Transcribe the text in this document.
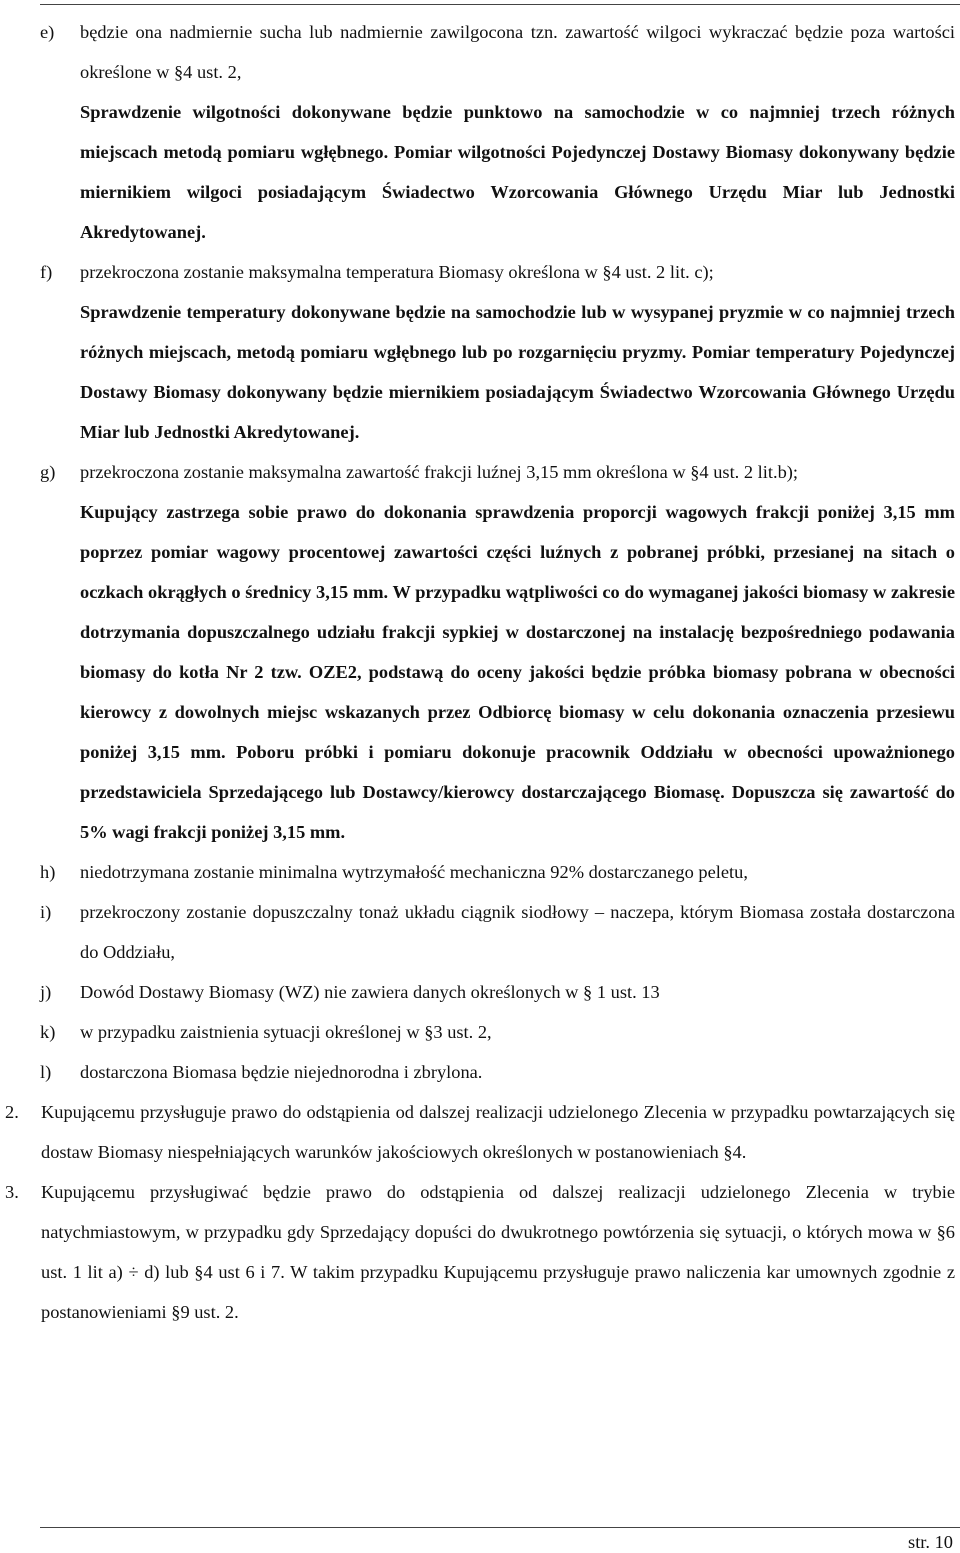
e)	będzie ona nadmiernie sucha lub nadmiernie zawilgocona tzn. zawartość wilgoci wykraczać będzie poza wartości określone w §4 ust. 2,
Sprawdzenie wilgotności dokonywane będzie punktowo na samochodzie w co najmniej trzech różnych miejscach metodą pomiaru wgłębnego. Pomiar wilgotności Pojedynczej Dostawy Biomasy dokonywany będzie miernikiem wilgoci posiadającym Świadectwo Wzorcowania Głównego Urzędu Miar lub Jednostki Akredytowanej.
f)	przekroczona zostanie maksymalna temperatura Biomasy określona w §4 ust. 2 lit. c);
Sprawdzenie temperatury dokonywane będzie na samochodzie lub w wysypanej pryzmie w co najmniej trzech różnych miejscach, metodą pomiaru wgłębnego lub po rozgarnięciu pryzmy. Pomiar temperatury Pojedynczej Dostawy Biomasy dokonywany będzie miernikiem posiadającym Świadectwo Wzorcowania Głównego Urzędu Miar lub Jednostki Akredytowanej.
g)	przekroczona zostanie maksymalna zawartość frakcji luźnej 3,15 mm określona w §4 ust. 2 lit.b);
Kupujący zastrzega sobie prawo do dokonania sprawdzenia proporcji wagowych frakcji poniżej 3,15 mm poprzez pomiar wagowy procentowej zawartości części luźnych z pobranej próbki, przesianej na sitach o oczkach okrągłych o średnicy 3,15 mm. W przypadku wątpliwości co do wymaganej jakości biomasy w zakresie dotrzymania dopuszczalnego udziału frakcji sypkiej w dostarczonej na instalację bezpośredniego podawania biomasy do kotła Nr 2 tzw. OZE2, podstawą do oceny jakości będzie próbka biomasy pobrana w obecności kierowcy z dowolnych miejsc wskazanych przez Odbiorcę biomasy w celu dokonania oznaczenia przesiewu poniżej 3,15 mm. Poboru próbki i pomiaru dokonuje pracownik Oddziału w obecności upoważnionego przedstawiciela Sprzedającego lub Dostawcy/kierowcy dostarczającego Biomasę. Dopuszcza się zawartość do 5% wagi frakcji poniżej 3,15 mm.
h)	niedotrzymana zostanie minimalna wytrzymałość mechaniczna 92% dostarczanego peletu,
i)	przekroczony zostanie dopuszczalny tonaż układu ciągnik siodłowy – naczepa, którym Biomasa została dostarczona do Oddziału,
j)	Dowód Dostawy Biomasy (WZ) nie zawiera danych określonych w § 1 ust. 13
k)	w przypadku zaistnienia sytuacji określonej w §3 ust. 2,
l)	dostarczona Biomasa będzie niejednorodna i zbrylona.
2.	Kupującemu przysługuje prawo do odstąpienia od dalszej realizacji udzielonego Zlecenia w przypadku powtarzających się dostaw Biomasy niespełniających warunków jakościowych określonych w postanowieniach §4.
3.	Kupującemu przysługiwać będzie prawo do odstąpienia od dalszej realizacji udzielonego Zlecenia w trybie natychmiastowym, w przypadku gdy Sprzedający dopuści do dwukrotnego powtórzenia się sytuacji, o których mowa w §6 ust. 1 lit a) ÷ d) lub §4 ust 6 i 7. W takim przypadku Kupującemu przysługuje prawo naliczenia kar umownych zgodnie z postanowieniami §9 ust. 2.
str. 10
